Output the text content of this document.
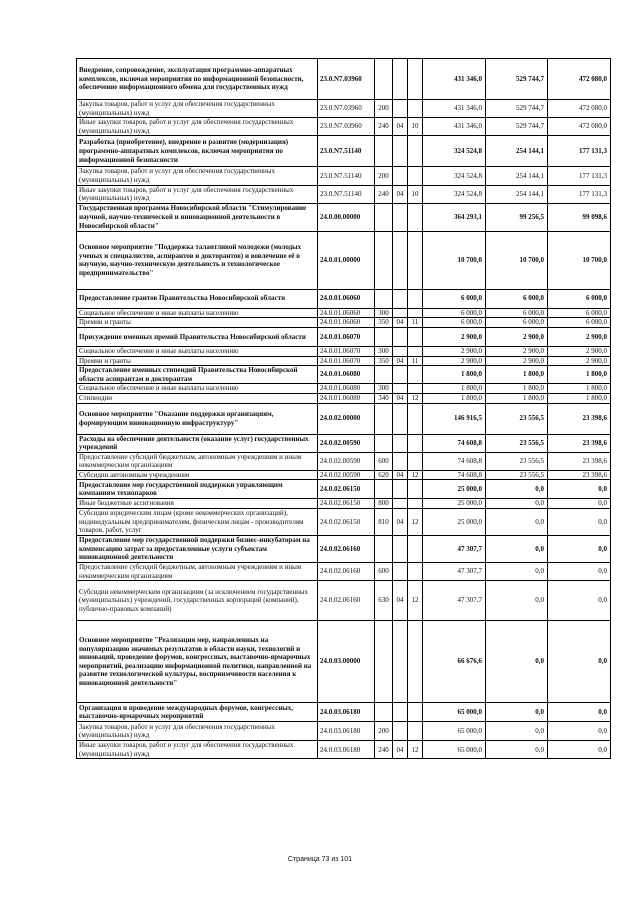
Внедрение, сопровождение, эксплуатация программно-аппаратных комплексов, включая мероприятия по информационной безопасности, обеспечение информационного обмена для государственных нужд	23.0.N7.03960				431 346,0	529 744,7	472 080,0
Закупка товаров, работ и услуг для обеспечения государственных (муниципальных) нужд	23.0.N7.03960	200			431 346,0	529 744,7	472 080,0
Иные закупки товаров, работ и услуг для обеспечения государственных (муниципальных) нужд	23.0.N7.03960	240	04	10	431 346,0	529 744,7	472 080,0
Разработка (приобретение), внедрение и развитие (модернизация) программно-аппаратных комплексов, включая мероприятия по информационной безопасности	23.0.N7.51140				324 524,8	254 144,1	177 131,3
Закупка товаров, работ и услуг для обеспечения государственных (муниципальных) нужд	23.0.N7.51140	200			324 524,8	254 144,1	177 131,3
Иные закупки товаров, работ и услуг для обеспечения государственных (муниципальных) нужд	23.0.N7.51140	240	04	10	324 524,8	254 144,1	177 131,3
Государственная программа Новосибирской области "Стимулирование научной, научно-технической и инновационной деятельности в Новосибирской области"	24.0.00.00000				364 293,1	99 256,5	99 098,6
Основное мероприятие "Поддержка талантливой молодежи (молодых ученых и специалистов, аспирантов и докторантов) и вовлечение её в научную, научно-техническую деятельность и технологическое предпринимательство"	24.0.01.00000				10 700,0	10 700,0	10 700,0
Предоставление грантов Правительства Новосибирской области	24.0.01.06060				6 000,0	6 000,0	6 000,0
Социальное обеспечение и иные выплаты населению	24.0.01.06060	300			6 000,0	6 000,0	6 000,0
Премии и гранты	24.0.01.06060	350	04	11	6 000,0	6 000,0	6 000,0
Присуждение именных премий Правительства Новосибирской области	24.0.01.06070				2 900,0	2 900,0	2 900,0
Социальное обеспечение и иные выплаты населению	24.0.01.06070	300			2 900,0	2 900,0	2 900,0
Премии и гранты	24.0.01.06070	350	04	11	2 900,0	2 900,0	2 900,0
Предоставление именных стипендий Правительства Новосибирской области аспирантам и докторантам	24.0.01.06080				1 800,0	1 800,0	1 800,0
Социальное обеспечение и иные выплаты населению	24.0.01.06080	300			1 800,0	1 800,0	1 800,0
Стипендии	24.0.01.06080	340	04	12	1 800,0	1 800,0	1 800,0
Основное мероприятие "Оказание поддержки организациям, формирующим инновационную инфраструктуру"	24.0.02.00000				146 916,5	23 556,5	23 398,6
Расходы на обеспечение деятельности (оказание услуг) государственных учреждений	24.0.02.00590				74 608,8	23 556,5	23 398,6
Предоставление субсидий бюджетным, автономным учреждениям и иным некоммерческим организациям	24.0.02.00590	600			74 608,8	23 556,5	23 398,6
Субсидии автономным учреждениям	24.0.02.00590	620	04	12	74 608,8	23 556,5	23 398,6
Предоставление мер государственной поддержки управляющим компаниям технопарков	24.0.02.06150				25 000,0	0,0	0,0
Иные бюджетные ассигнования	24.0.02.06150	800			25 000,0	0,0	0,0
Субсидии юридическим лицам (кроме некоммерческих организаций), индивидуальным предпринимателям, физическим лицам - производителям товаров, работ, услуг	24.0.02.06150	810	04	12	25 000,0	0,0	0,0
Предоставление мер государственной поддержки бизнес-инкубаторам на компенсацию затрат за предоставленные услуги субъектам инновационной деятельности	24.0.02.06160				47 307,7	0,0	0,0
Предоставление субсидий бюджетным, автономным учреждениям и иным некоммерческим организациям	24.0.02.06160	600			47 307,7	0,0	0,0
Субсидии некоммерческим организациям (за исключением государственных (муниципальных) учреждений, государственных корпораций (компаний), публично-правовых компаний)	24.0.02.06160	630	04	12	47 307,7	0,0	0,0
Основное мероприятие "Реализация мер, направленных на популяризацию значимых результатов в области науки, технологий и инноваций, проведение форумов, конгрессных, выставочно-ярмарочных мероприятий, реализацию информационной политики, направленной на развитие технологической культуры, восприимчивости населения к инновационной деятельности"	24.0.03.00000				66 676,6	0,0	0,0
Организация и проведение международных форумов, конгрессных, выставочно-ярмарочных мероприятий	24.0.03.06180				65 000,0	0,0	0,0
Закупка товаров, работ и услуг для обеспечения государственных (муниципальных) нужд	24.0.03.06180	200			65 000,0	0,0	0,0
Иные закупки товаров, работ и услуг для обеспечения государственных (муниципальных) нужд	24.0.03.06180	240	04	12	65 000,0	0,0	0,0
Страница 73 из 101
